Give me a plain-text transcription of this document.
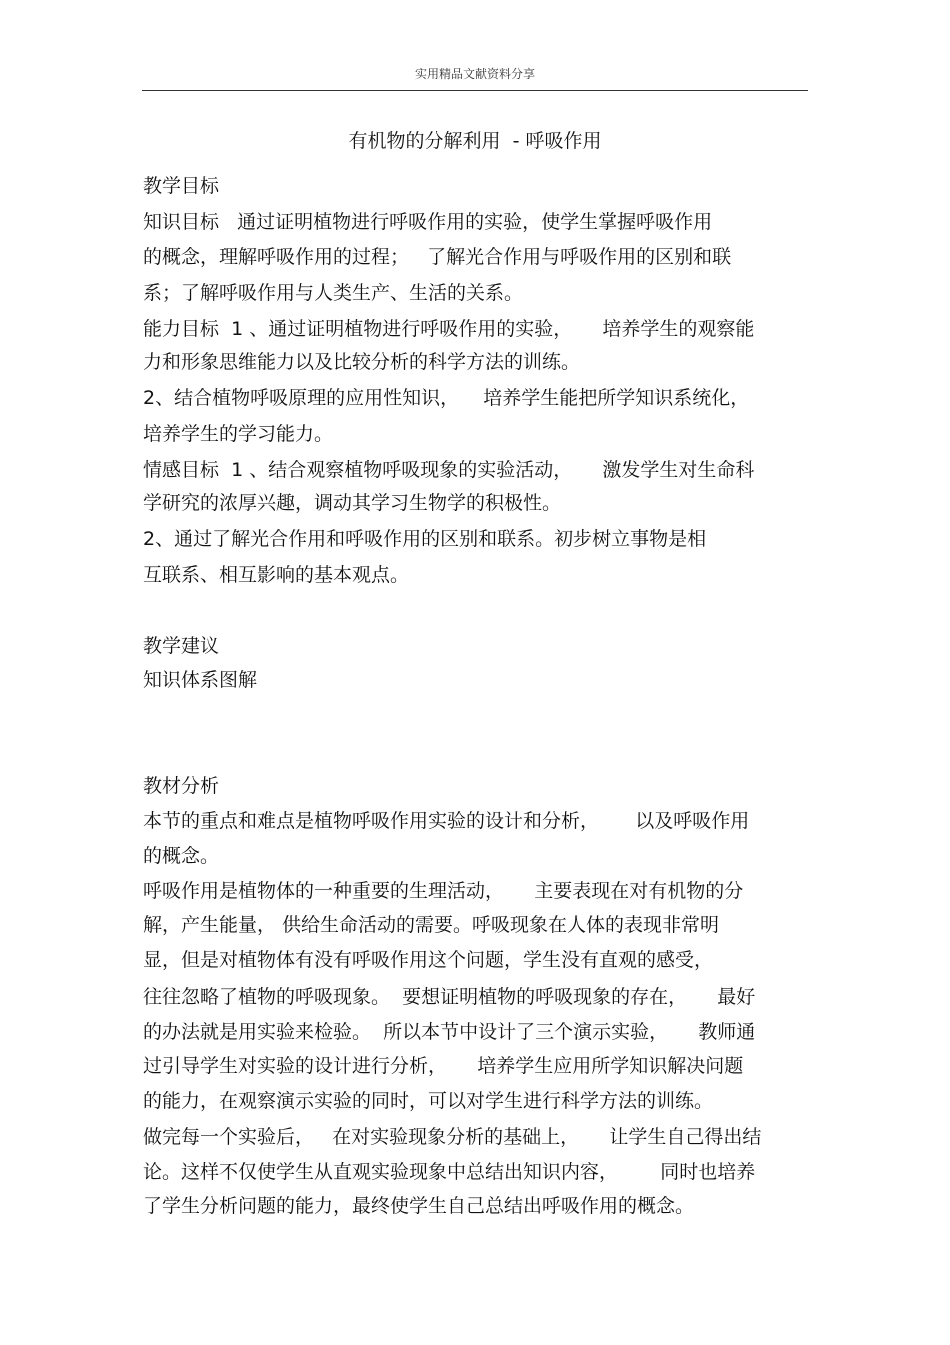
实用精品文献资料分享
有机物的分解利用  - 呼吸作用
教学目标
知识目标   通过证明植物进行呼吸作用的实验，使学生掌握呼吸作用
的概念，理解呼吸作用的过程；   了解光合作用与呼吸作用的区别和联
系；了解呼吸作用与人类生产、生活的关系。
能力目标  1 、通过证明植物进行呼吸作用的实验，     培养学生的观察能
力和形象思维能力以及比较分析的科学方法的训练。
2、结合植物呼吸原理的应用性知识，    培养学生能把所学知识系统化，
培养学生的学习能力。
情感目标  1 、结合观察植物呼吸现象的实验活动，     激发学生对生命科
学研究的浓厚兴趣，调动其学习生物学的积极性。
2、通过了解光合作用和呼吸作用的区别和联系。初步树立事物是相
互联系、相互影响的基本观点。
教学建议
知识体系图解
教材分析
本节的重点和难点是植物呼吸作用实验的设计和分析，      以及呼吸作用
的概念。
呼吸作用是植物体的一种重要的生理活动，     主要表现在对有机物的分
解，产生能量， 供给生命活动的需要。呼吸现象在人体的表现非常明
显，但是对植物体有没有呼吸作用这个问题，学生没有直观的感受，
往往忽略了植物的呼吸现象。  要想证明植物的呼吸现象的存在，     最好
的办法就是用实验来检验。  所以本节中设计了三个演示实验，     教师通
过引导学生对实验的设计进行分析，     培养学生应用所学知识解决问题
的能力，在观察演示实验的同时，可以对学生进行科学方法的训练。
做完每一个实验后，   在对实验现象分析的基础上，     让学生自己得出结
论。这样不仅使学生从直观实验现象中总结出知识内容，       同时也培养
了学生分析问题的能力，最终使学生自己总结出呼吸作用的概念。
